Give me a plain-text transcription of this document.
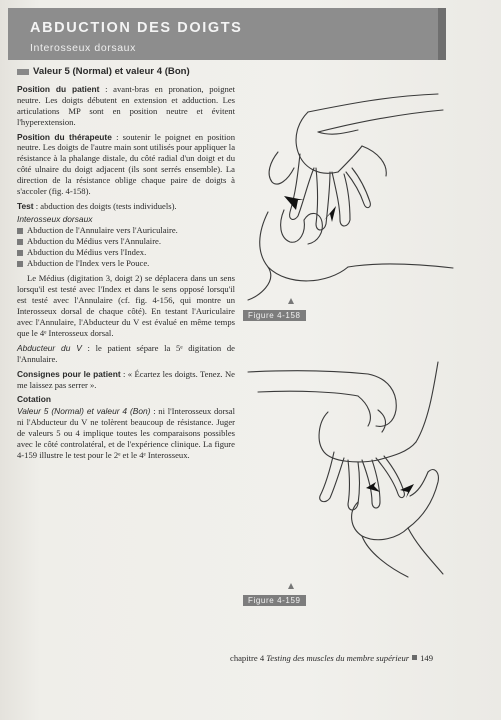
ABDUCTION DES DOIGTS
Interosseux dorsaux
Valeur 5 (Normal) et valeur 4 (Bon)

Position du patient : avant-bras en pronation, poignet neutre. Les doigts débutent en extension et adduction. Les articulations MP sont en position neutre et évitent l'hyperextension.

Position du thérapeute : soutenir le poignet en position neutre. Les doigts de l'autre main sont utilisés pour appliquer la résistance à la phalange distale, du côté radial d'un doigt et du côté ulnaire du doigt adjacent (ils sont serrés ensemble). La direction de la résistance oblige chaque paire de doigts à s'accoler (fig. 4-158).

Test : abduction des doigts (tests individuels).

Interosseux dorsaux

Abduction de l'Annulaire vers l'Auriculaire.
Abduction du Médius vers l'Annulaire.
Abduction du Médius vers l'Index.
Abduction de l'Index vers le Pouce.

Le Médius (digitation 3, doigt 2) se déplacera dans un sens lorsqu'il est testé avec l'Index et dans le sens opposé lorsqu'il est testé avec l'Annulaire (cf. fig. 4-156, qui montre un Interosseux dorsal de chaque côté). En testant l'Auriculaire avec l'Annulaire, l'Abducteur du V est évalué en même temps que le 4ᵉ Interosseux dorsal.

Abducteur du V : le patient sépare la 5ᵉ digitation de l'Annulaire.

Consignes pour le patient : « Écartez les doigts. Tenez. Ne me laissez pas serrer ».

Cotation

Valeur 5 (Normal) et valeur 4 (Bon) : ni l'Interosseux dorsal ni l'Abducteur du V ne tolèrent beaucoup de résistance. Juger de valeurs 5 ou 4 implique toutes les comparaisons possibles avec le côté controlatéral, et de l'expérience clinique. La figure 4-159 illustre le test pour le 2ᵉ et le 4ᵉ Interosseux.

Figure 4-158
Figure 4-159
chapitre 4 Testing des muscles du membre supérieur 149
